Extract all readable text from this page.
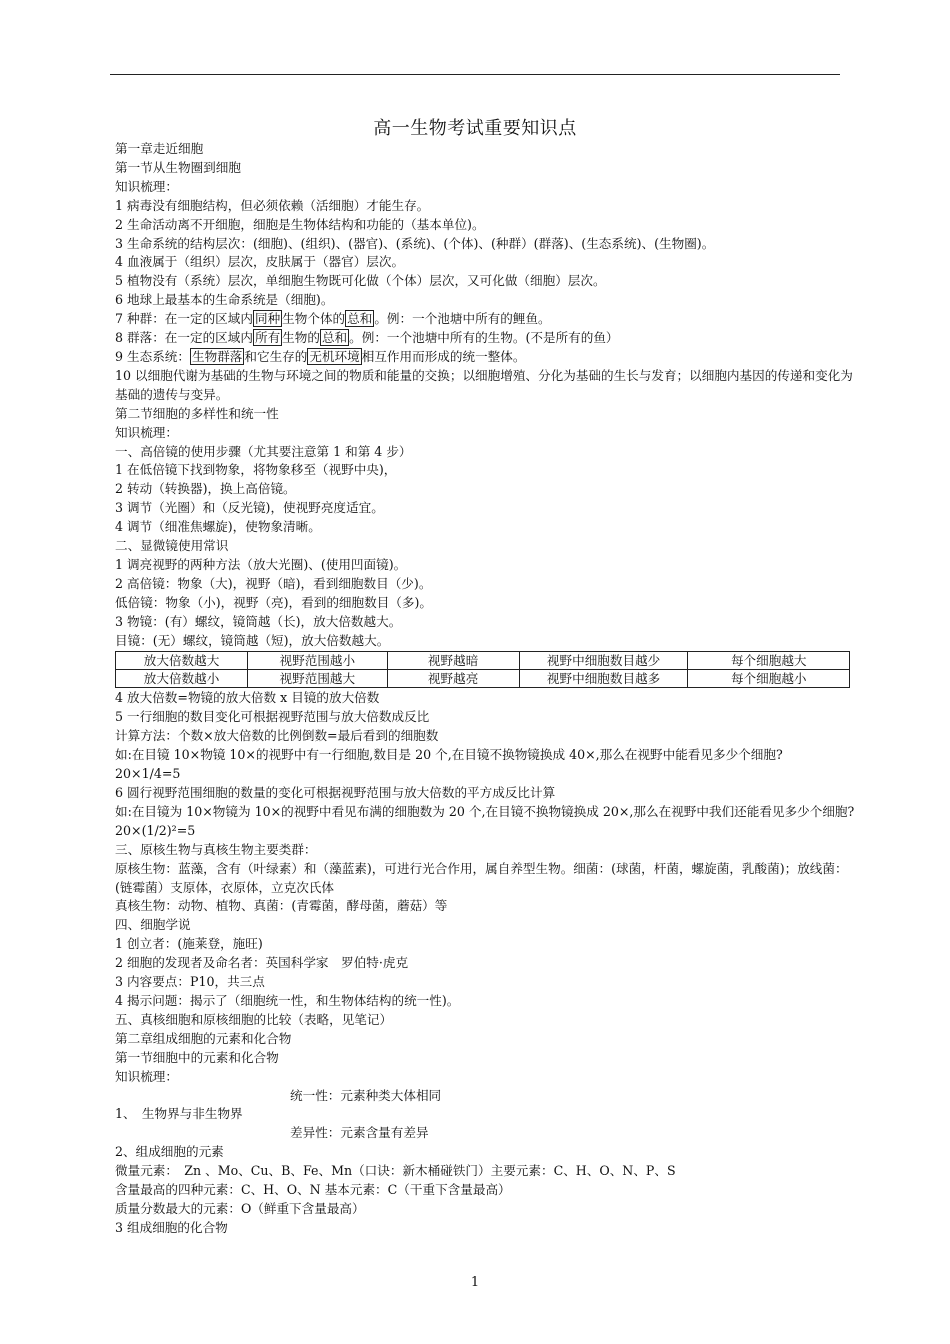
高一生物考试重要知识点
第一章走近细胞
第一节从生物圈到细胞
知识梳理：
1 病毒没有细胞结构，但必须依赖（活细胞）才能生存。
2 生命活动离不开细胞，细胞是生物体结构和功能的（基本单位)。
3 生命系统的结构层次：(细胞)、(组织)、(器官)、(系统)、(个体)、(种群）(群落)、(生态系统)、(生物圈)。
4 血液属于（组织）层次，皮肤属于（器官）层次。
5 植物没有（系统）层次，单细胞生物既可化做（个体）层次，又可化做（细胞）层次。
6 地球上最基本的生命系统是（细胞)。
7 种群：在一定的区域内 同种 生物个体的 总和 。例：一个池塘中所有的鲤鱼。
8 群落：在一定的区域内 所有 生物的 总和 。例：一个池塘中所有的生物。(不是所有的鱼）
9 生态系统： 生物群落 和它生存的 无机环境 相互作用而形成的统一整体。
10 以细胞代谢为基础的生物与环境之间的物质和能量的交换；以细胞增殖、分化为基础的生长与发育；以细胞内基因的传递和变化为基础的遗传与变异。
第二节细胞的多样性和统一性
知识梳理：
一、高倍镜的使用步骤（尤其要注意第 1 和第 4 步）
1 在低倍镜下找到物象，将物象移至（视野中央)，
2 转动（转换器)，换上高倍镜。
3 调节（光圈）和（反光镜)，使视野亮度适宜。
4 调节（细准焦螺旋)，使物象清晰。
二、显微镜使用常识
1 调亮视野的两种方法（放大光圈)、(使用凹面镜)。
2 高倍镜：物象（大)，视野（暗)，看到细胞数目（少)。
低倍镜：物象（小)，视野（亮)，看到的细胞数目（多)。
3 物镜：(有）螺纹，镜筒越（长)，放大倍数越大。
目镜：(无）螺纹，镜筒越（短)，放大倍数越大。
放大倍数越大	视野范围越小	视野越暗	视野中细胞数目越少	每个细胞越大
放大倍数越小	视野范围越大	视野越亮	视野中细胞数目越多	每个细胞越小
4 放大倍数=物镜的放大倍数 x 目镜的放大倍数
5 一行细胞的数目变化可根据视野范围与放大倍数成反比
计算方法：个数×放大倍数的比例倒数=最后看到的细胞数
如:在目镜 10×物镜 10×的视野中有一行细胞,数目是 20 个,在目镜不换物镜换成 40×,那么在视野中能看见多少个细胞?　　20×1/4=5
6 圆行视野范围细胞的数量的变化可根据视野范围与放大倍数的平方成反比计算
如:在目镜为 10×物镜为 10×的视野中看见布满的细胞数为 20 个,在目镜不换物镜换成 20×,那么在视野中我们还能看见多少个细胞?　　20×(1/2)²=5
三、原核生物与真核生物主要类群：
原核生物：蓝藻，含有（叶绿素）和（藻蓝素)，可进行光合作用，属自养型生物。细菌：(球菌，杆菌，螺旋菌，乳酸菌)；放线菌：(链霉菌）支原体，衣原体，立克次氏体
真核生物：动物、植物、真菌：(青霉菌，酵母菌，蘑菇）等
四、细胞学说
1 创立者：(施莱登，施旺)
2 细胞的发现者及命名者：英国科学家　罗伯特·虎克
3 内容要点：P10，共三点
4 揭示问题：揭示了（细胞统一性，和生物体结构的统一性)。
五、真核细胞和原核细胞的比较（表略，见笔记）
第二章组成细胞的元素和化合物
第一节细胞中的元素和化合物
知识梳理：
统一性：元素种类大体相同
1、　生物界与非生物界
差异性：元素含量有差异
2、组成细胞的元素
微量元素：　Zn 、Mo、Cu、B、Fe、Mn（口诀：新木桶碰铁门）主要元素：C、H、O、N、P、S
含量最高的四种元素：C、H、O、N 基本元素：C（干重下含量最高）
质量分数最大的元素：O（鲜重下含量最高）
3 组成细胞的化合物
1
